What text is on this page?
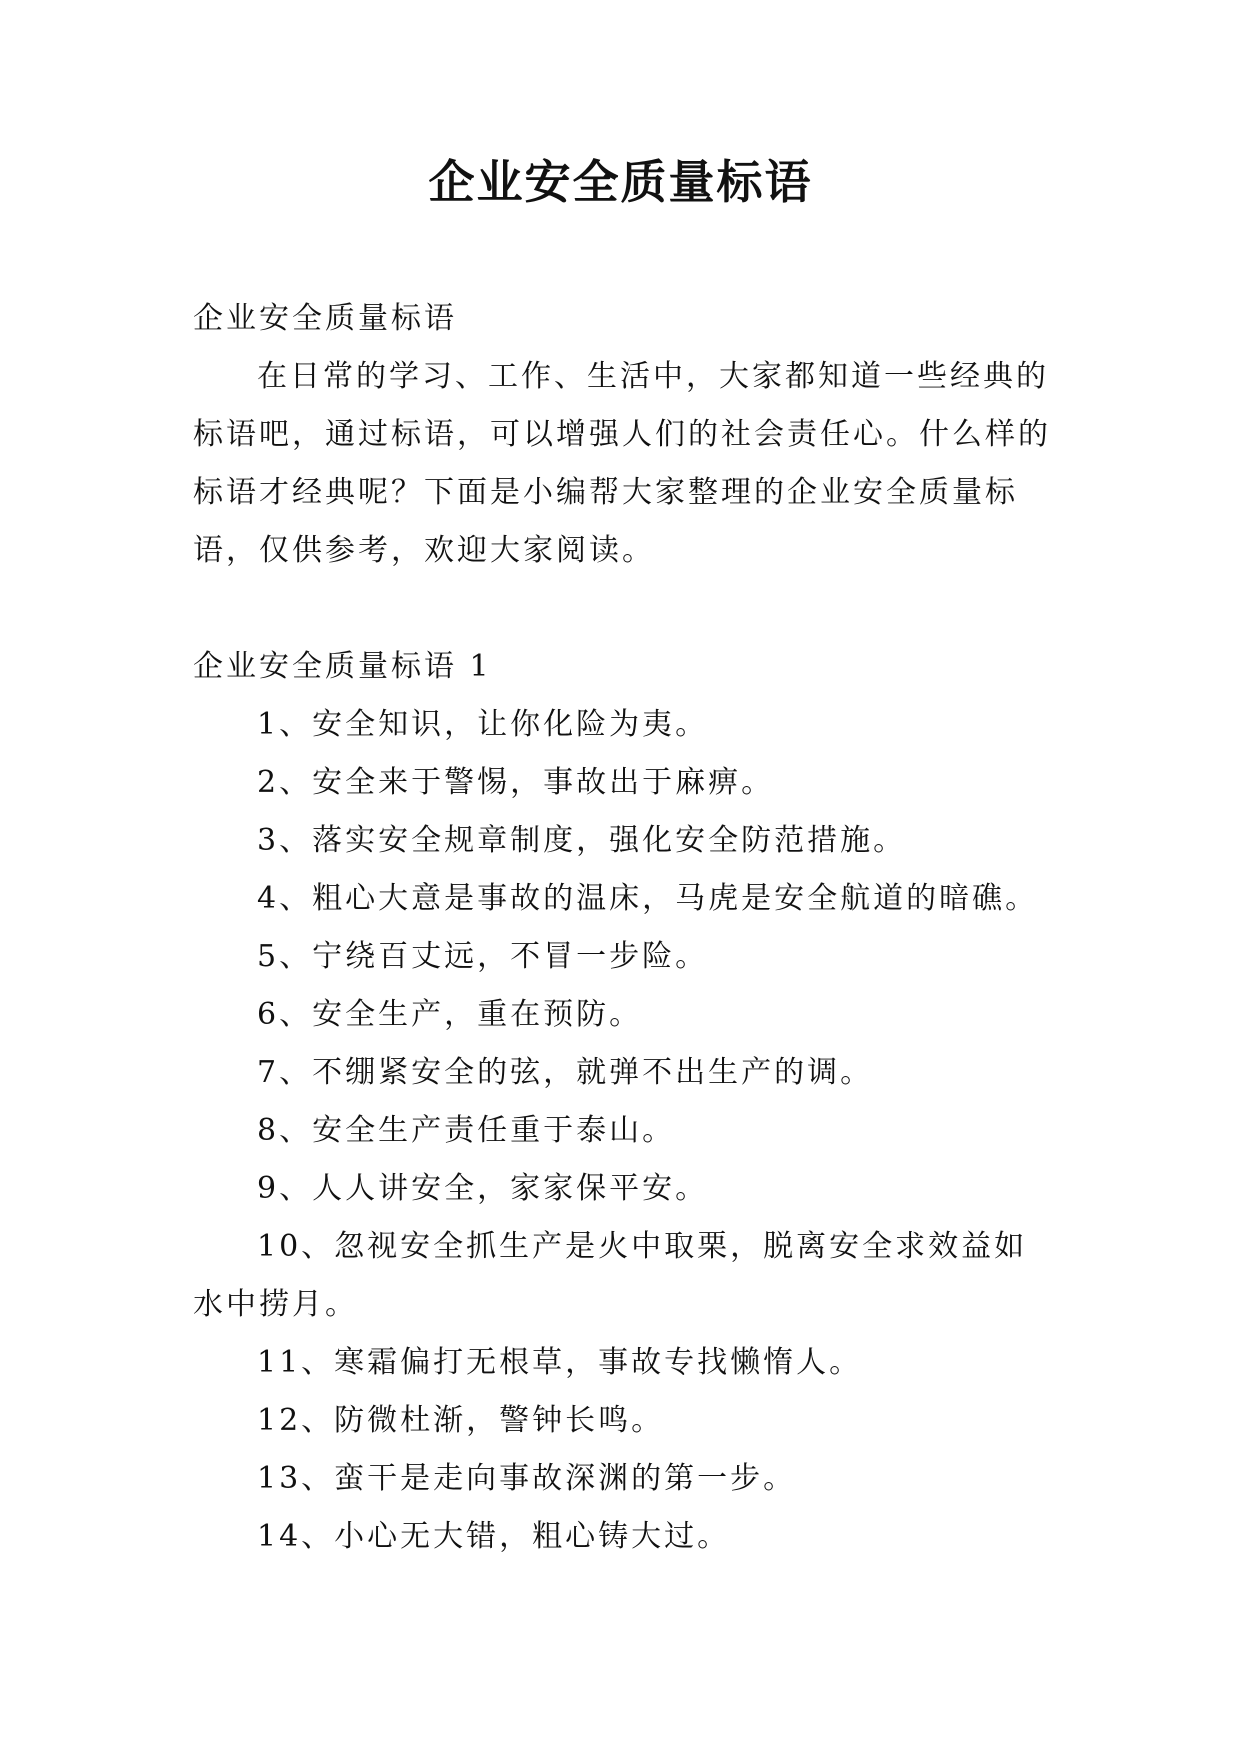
企业安全质量标语

企业安全质量标语

在日常的学习、工作、生活中，大家都知道一些经典的标语吧，通过标语，可以增强人们的社会责任心。什么样的标语才经典呢？下面是小编帮大家整理的企业安全质量标语，仅供参考，欢迎大家阅读。

企业安全质量标语 1

1、安全知识，让你化险为夷。

2、安全来于警惕，事故出于麻痹。

3、落实安全规章制度，强化安全防范措施。

4、粗心大意是事故的温床，马虎是安全航道的暗礁。

5、宁绕百丈远，不冒一步险。

6、安全生产，重在预防。

7、不绷紧安全的弦，就弹不出生产的调。

8、安全生产责任重于泰山。

9、人人讲安全，家家保平安。

10、忽视安全抓生产是火中取栗，脱离安全求效益如水中捞月。

11、寒霜偏打无根草，事故专找懒惰人。

12、防微杜渐，警钟长鸣。

13、蛮干是走向事故深渊的第一步。

14、小心无大错，粗心铸大过。
